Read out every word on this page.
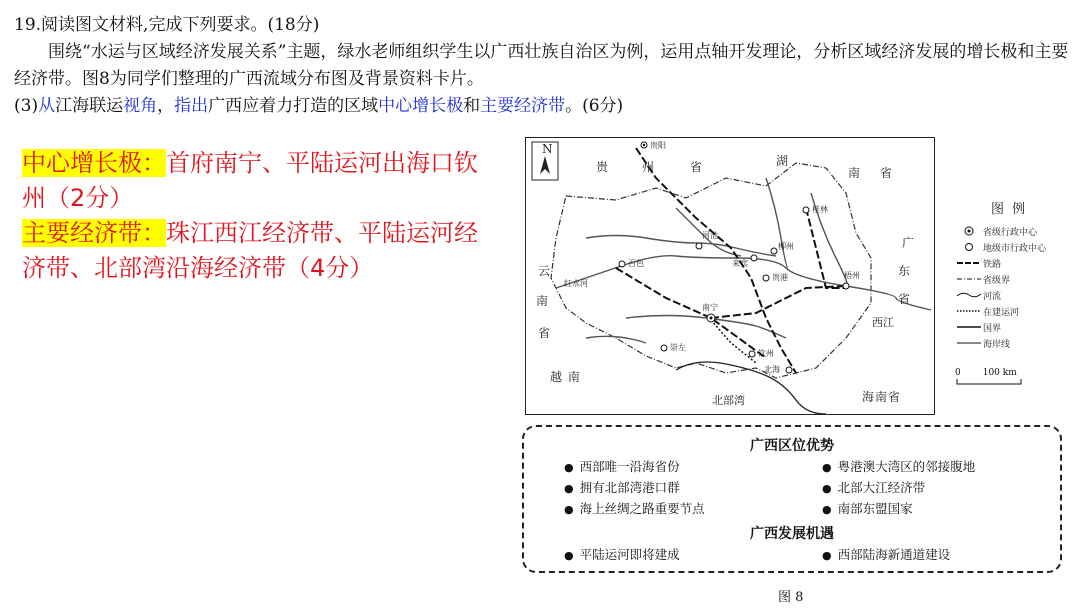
19.阅读图文材料,完成下列要求。(18分)

围绕“水运与区域经济发展关系”主题，绿水老师组织学生以广西壮族自治区为例，运用点轴开发理论，分析区域经济发展的增长极和主要经济带。图8为同学们整理的广西流域分布图及背景资料卡片。

(3)从江海联运视角，指出广西应着力打造的区域中心增长极和主要经济带。(6分)

中心增长极：首府南宁、平陆运河出海口钦州（2分）

主要经济带：珠江西江经济带、平陆运河经济带、北部湾沿海经济带（4分）

N	贵阳
河池
桂林
百色	来宾
柳州
贵港	梧州
南宁
崇左
钦州
北海
贵	州	省	湖
南 省
广
东
省
云
南
省
越 南
海南省
北部湾
西江
红水河
图 例
省级行政中心
地级市行政中心
铁路
省级界
河流
在建运河
国界
海岸线
0 100 km
广西区位优势
● 西部唯一沿海省份
● 拥有北部湾港口群
● 海上丝绸之路重要节点
● 粤港澳大湾区的邻接腹地
● 北部大江经济带
● 南部东盟国家
广西发展机遇
● 平陆运河即将建成
●	西部陆海新通道建设
图 8
